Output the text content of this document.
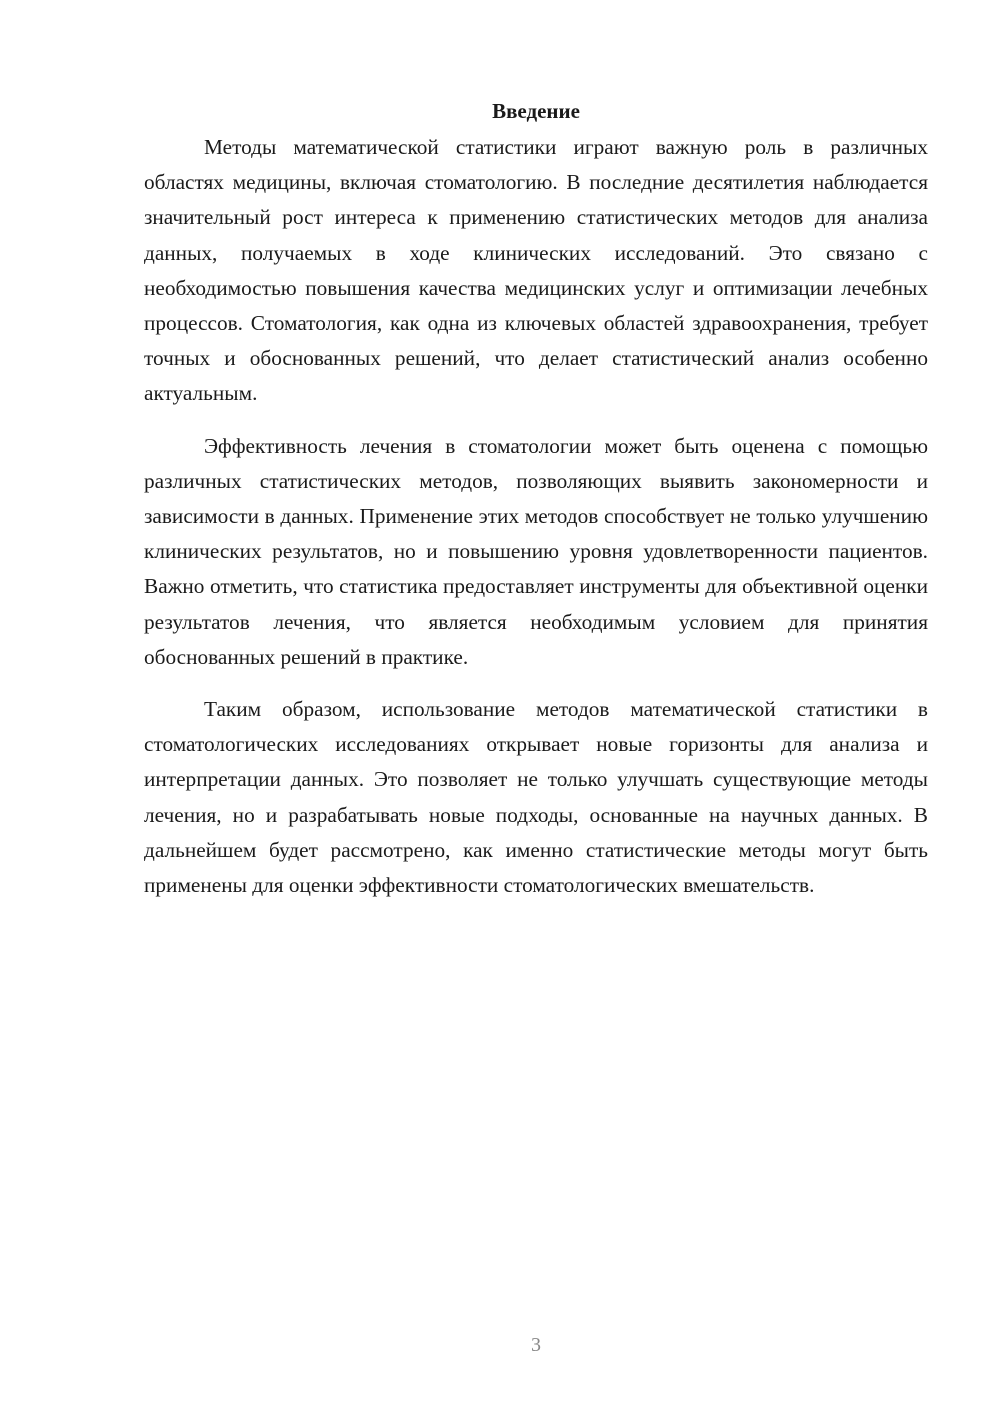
Введение

Методы математической статистики играют важную роль в различных областях медицины, включая стоматологию. В последние десятилетия наблюдается значительный рост интереса к применению статистических методов для анализа данных, получаемых в ходе клинических исследований. Это связано с необходимостью повышения качества медицинских услуг и оптимизации лечебных процессов. Стоматология, как одна из ключевых областей здравоохранения, требует точных и обоснованных решений, что делает статистический анализ особенно актуальным.

Эффективность лечения в стоматологии может быть оценена с помощью различных статистических методов, позволяющих выявить закономерности и зависимости в данных. Применение этих методов способствует не только улучшению клинических результатов, но и повышению уровня удовлетворенности пациентов. Важно отметить, что статистика предоставляет инструменты для объективной оценки результатов лечения, что является необходимым условием для принятия обоснованных решений в практике.

Таким образом, использование методов математической статистики в стоматологических исследованиях открывает новые горизонты для анализа и интерпретации данных. Это позволяет не только улучшать существующие методы лечения, но и разрабатывать новые подходы, основанные на научных данных. В дальнейшем будет рассмотрено, как именно статистические методы могут быть применены для оценки эффективности стоматологических вмешательств.

3
